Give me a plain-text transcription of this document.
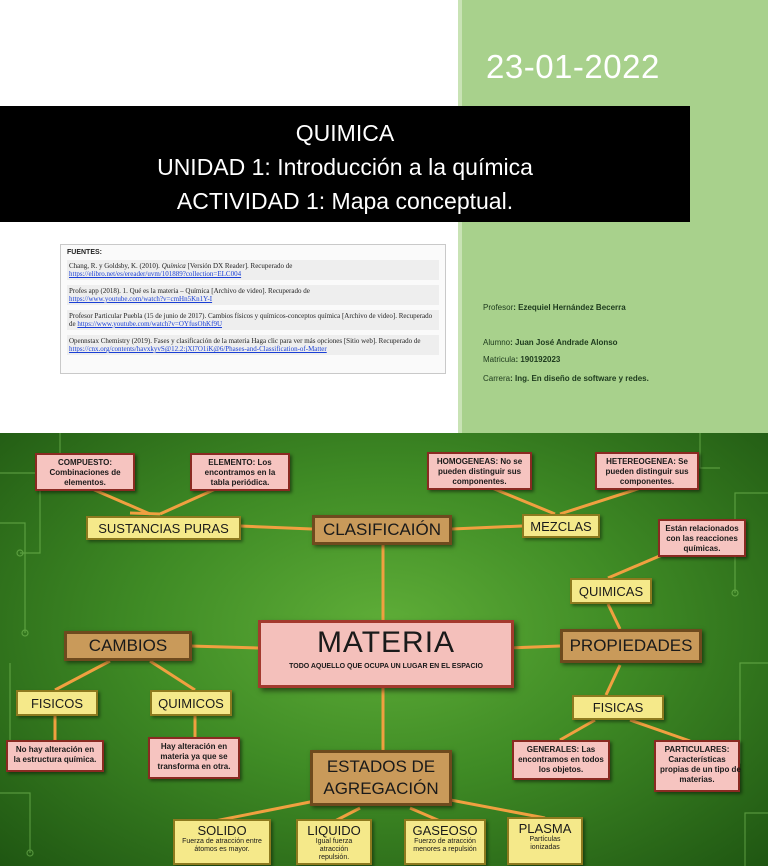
23-01-2022
QUIMICA
UNIDAD 1: Introducción a la química
ACTIVIDAD 1: Mapa conceptual.
FUENTES:
Chang, R. y Goldsby, K. (2010). Química [Versión DX Reader]. Recuperado de
https://elibro.net/es/ereader/uvm/101889?collection=ELC004
Profes app (2018). 1. Qué es la materia – Química [Archivo de video]. Recuperado de
https://www.youtube.com/watch?v=cmHn5Kn1Y-I
Profesor Particular Puebla (15 de junio de 2017). Cambios físicos y químicos-conceptos química [Archivo de video]. Recuperado de https://www.youtube.com/watch?v=OYfusOhKf9U
Opennstax Chemistry (2019). Fases y clasificación de la materia Haga clic para ver más opciones [Sitio web]. Recuperado de https://cnx.org/contents/havxkyvS@12.2:jXl7O1iK@6/Phases-and-Classification-of-Matter
Profesor: Ezequiel Hernández Becerra
Alumno: Juan José Andrade Alonso
Matricula: 190192023
Carrera: Ing. En diseño de software y redes.
COMPUESTO:
Combinaciones de
elementos.
ELEMENTO: Los
encontramos en la
tabla periódica.
HOMOGENEAS: No se
pueden distinguir sus
componentes.
HETEREOGENEA: Se
pueden distinguir sus
componentes.
SUSTANCIAS PURAS	CLASIFICAIÓN	MEZCLAS	Están relacionados
con las reacciones
químicas.
QUIMICAS
MATERIA
TODO AQUELLO QUE OCUPA UN LUGAR EN EL ESPACIO
CAMBIOS	PROPIEDADES
FISICOS	QUIMICOS	FISICAS
No hay alteración en
la estructura química.
Hay alteración en
materia ya que se
transforma en otra.
GENERALES: Las
encontramos en todos
los objetos.
PARTICULARES:
Características
propias de un tipo de
materias.
ESTADOS DE
AGREGACIÓN
SOLIDO
Fuerza de atracción entre átomos es mayor.
LIQUIDO
Igual fuerza atracción repulsión.
GASEOSO
Fuerzo de atracción menores a repulsión
PLASMA
Partículas ionizadas
